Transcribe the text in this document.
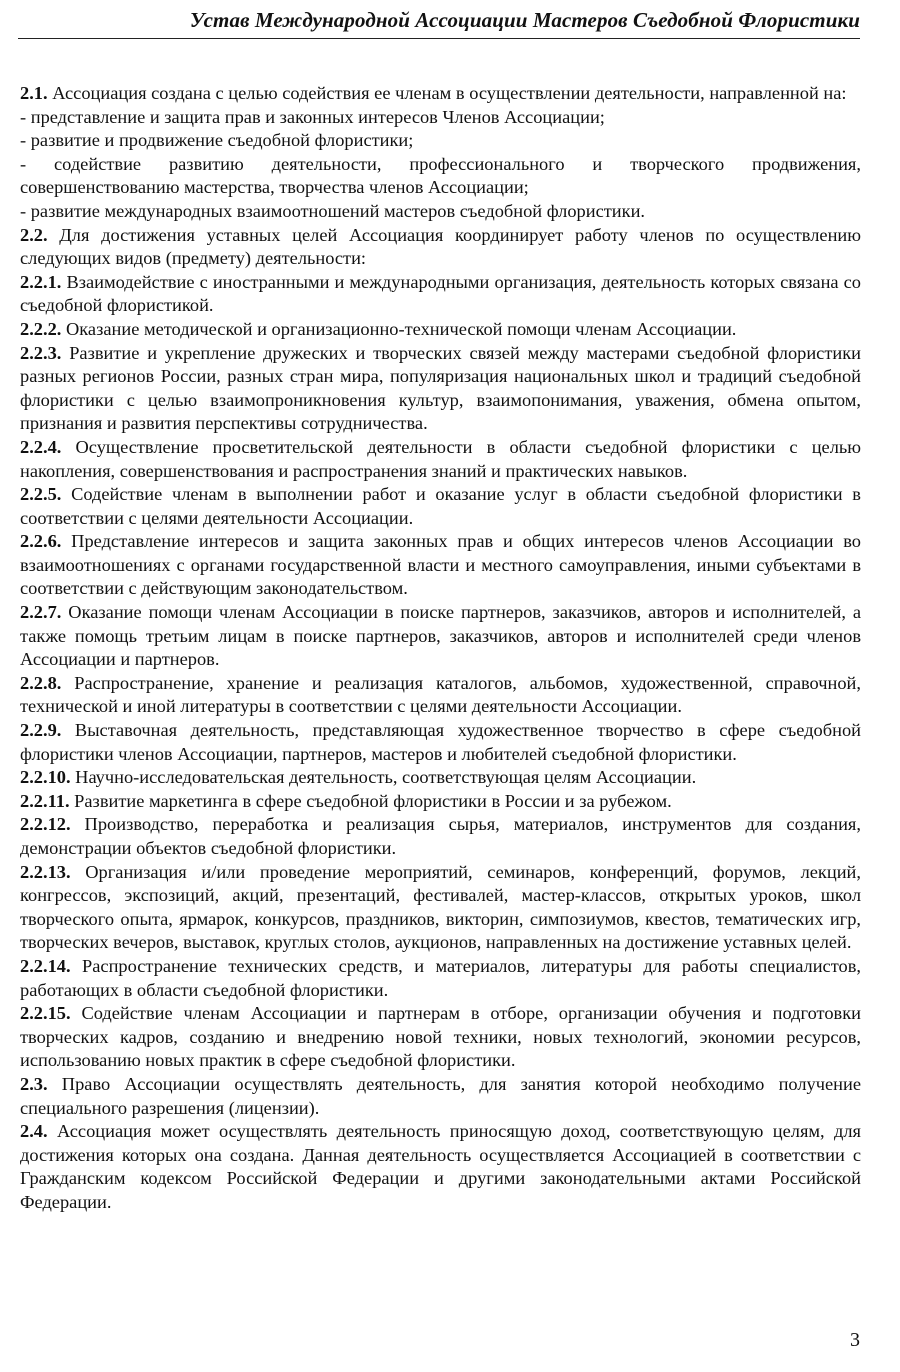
Устав Международной Ассоциации Мастеров Съедобной Флористики

2.1. Ассоциация создана с целью содействия ее членам в осуществлении деятельности, направленной на:

- представление и защита прав и законных интересов Членов Ассоциации;

- развитие и продвижение съедобной флористики;

- содействие развитию деятельности, профессионального и творческого продвижения, совершенствованию мастерства, творчества членов Ассоциации;

- развитие международных взаимоотношений мастеров съедобной флористики.

2.2. Для достижения уставных целей Ассоциация координирует работу членов по осуществлению следующих видов (предмету) деятельности:

2.2.1. Взаимодействие с иностранными и международными организация, деятельность которых связана со съедобной флористикой.

2.2.2. Оказание методической и организационно-технической помощи членам Ассоциации.

2.2.3. Развитие и укрепление дружеских и творческих связей между мастерами съедобной флористики разных регионов России, разных стран мира, популяризация национальных школ и традиций съедобной флористики с целью взаимопроникновения культур, взаимопонимания, уважения, обмена опытом, признания и развития перспективы сотрудничества.

2.2.4. Осуществление просветительской деятельности в области съедобной флористики с целью накопления, совершенствования и распространения знаний и практических навыков.

2.2.5. Содействие членам в выполнении работ и оказание услуг в области съедобной флористики в соответствии с целями деятельности Ассоциации.

2.2.6. Представление интересов и защита законных прав и общих интересов членов Ассоциации во взаимоотношениях с органами государственной власти и местного самоуправления, иными субъектами в соответствии с действующим законодательством.

2.2.7. Оказание помощи членам Ассоциации в поиске партнеров, заказчиков, авторов и исполнителей, а также помощь третьим лицам в поиске партнеров, заказчиков, авторов и исполнителей среди членов Ассоциации и партнеров.

2.2.8. Распространение, хранение и реализация каталогов, альбомов, художественной, справочной, технической и иной литературы в соответствии с целями деятельности Ассоциации.

2.2.9. Выставочная деятельность, представляющая художественное творчество в сфере съедобной флористики членов Ассоциации, партнеров, мастеров и любителей съедобной флористики.

2.2.10. Научно-исследовательская деятельность, соответствующая целям Ассоциации.

2.2.11. Развитие маркетинга в сфере съедобной флористики в России и за рубежом.

2.2.12. Производство, переработка и реализация сырья, материалов, инструментов для создания, демонстрации объектов съедобной флористики.

2.2.13. Организация и/или проведение мероприятий, семинаров, конференций, форумов, лекций, конгрессов, экспозиций, акций, презентаций, фестивалей, мастер-классов, открытых уроков, школ творческого опыта, ярмарок, конкурсов, праздников, викторин, симпозиумов, квестов, тематических игр, творческих вечеров, выставок, круглых столов, аукционов, направленных на достижение уставных целей.

2.2.14. Распространение технических средств, и материалов, литературы для работы специалистов, работающих в области съедобной флористики.

2.2.15. Содействие членам Ассоциации и партнерам в отборе, организации обучения и подготовки творческих кадров, созданию и внедрению новой техники, новых технологий, экономии ресурсов, использованию новых практик в сфере съедобной флористики.

2.3. Право Ассоциации осуществлять деятельность, для занятия которой необходимо получение специального разрешения (лицензии).

2.4. Ассоциация может осуществлять деятельность приносящую доход, соответствующую целям, для достижения которых она создана. Данная деятельность осуществляется Ассоциацией в соответствии с Гражданским кодексом Российской Федерации и другими законодательными актами Российской Федерации.

3
